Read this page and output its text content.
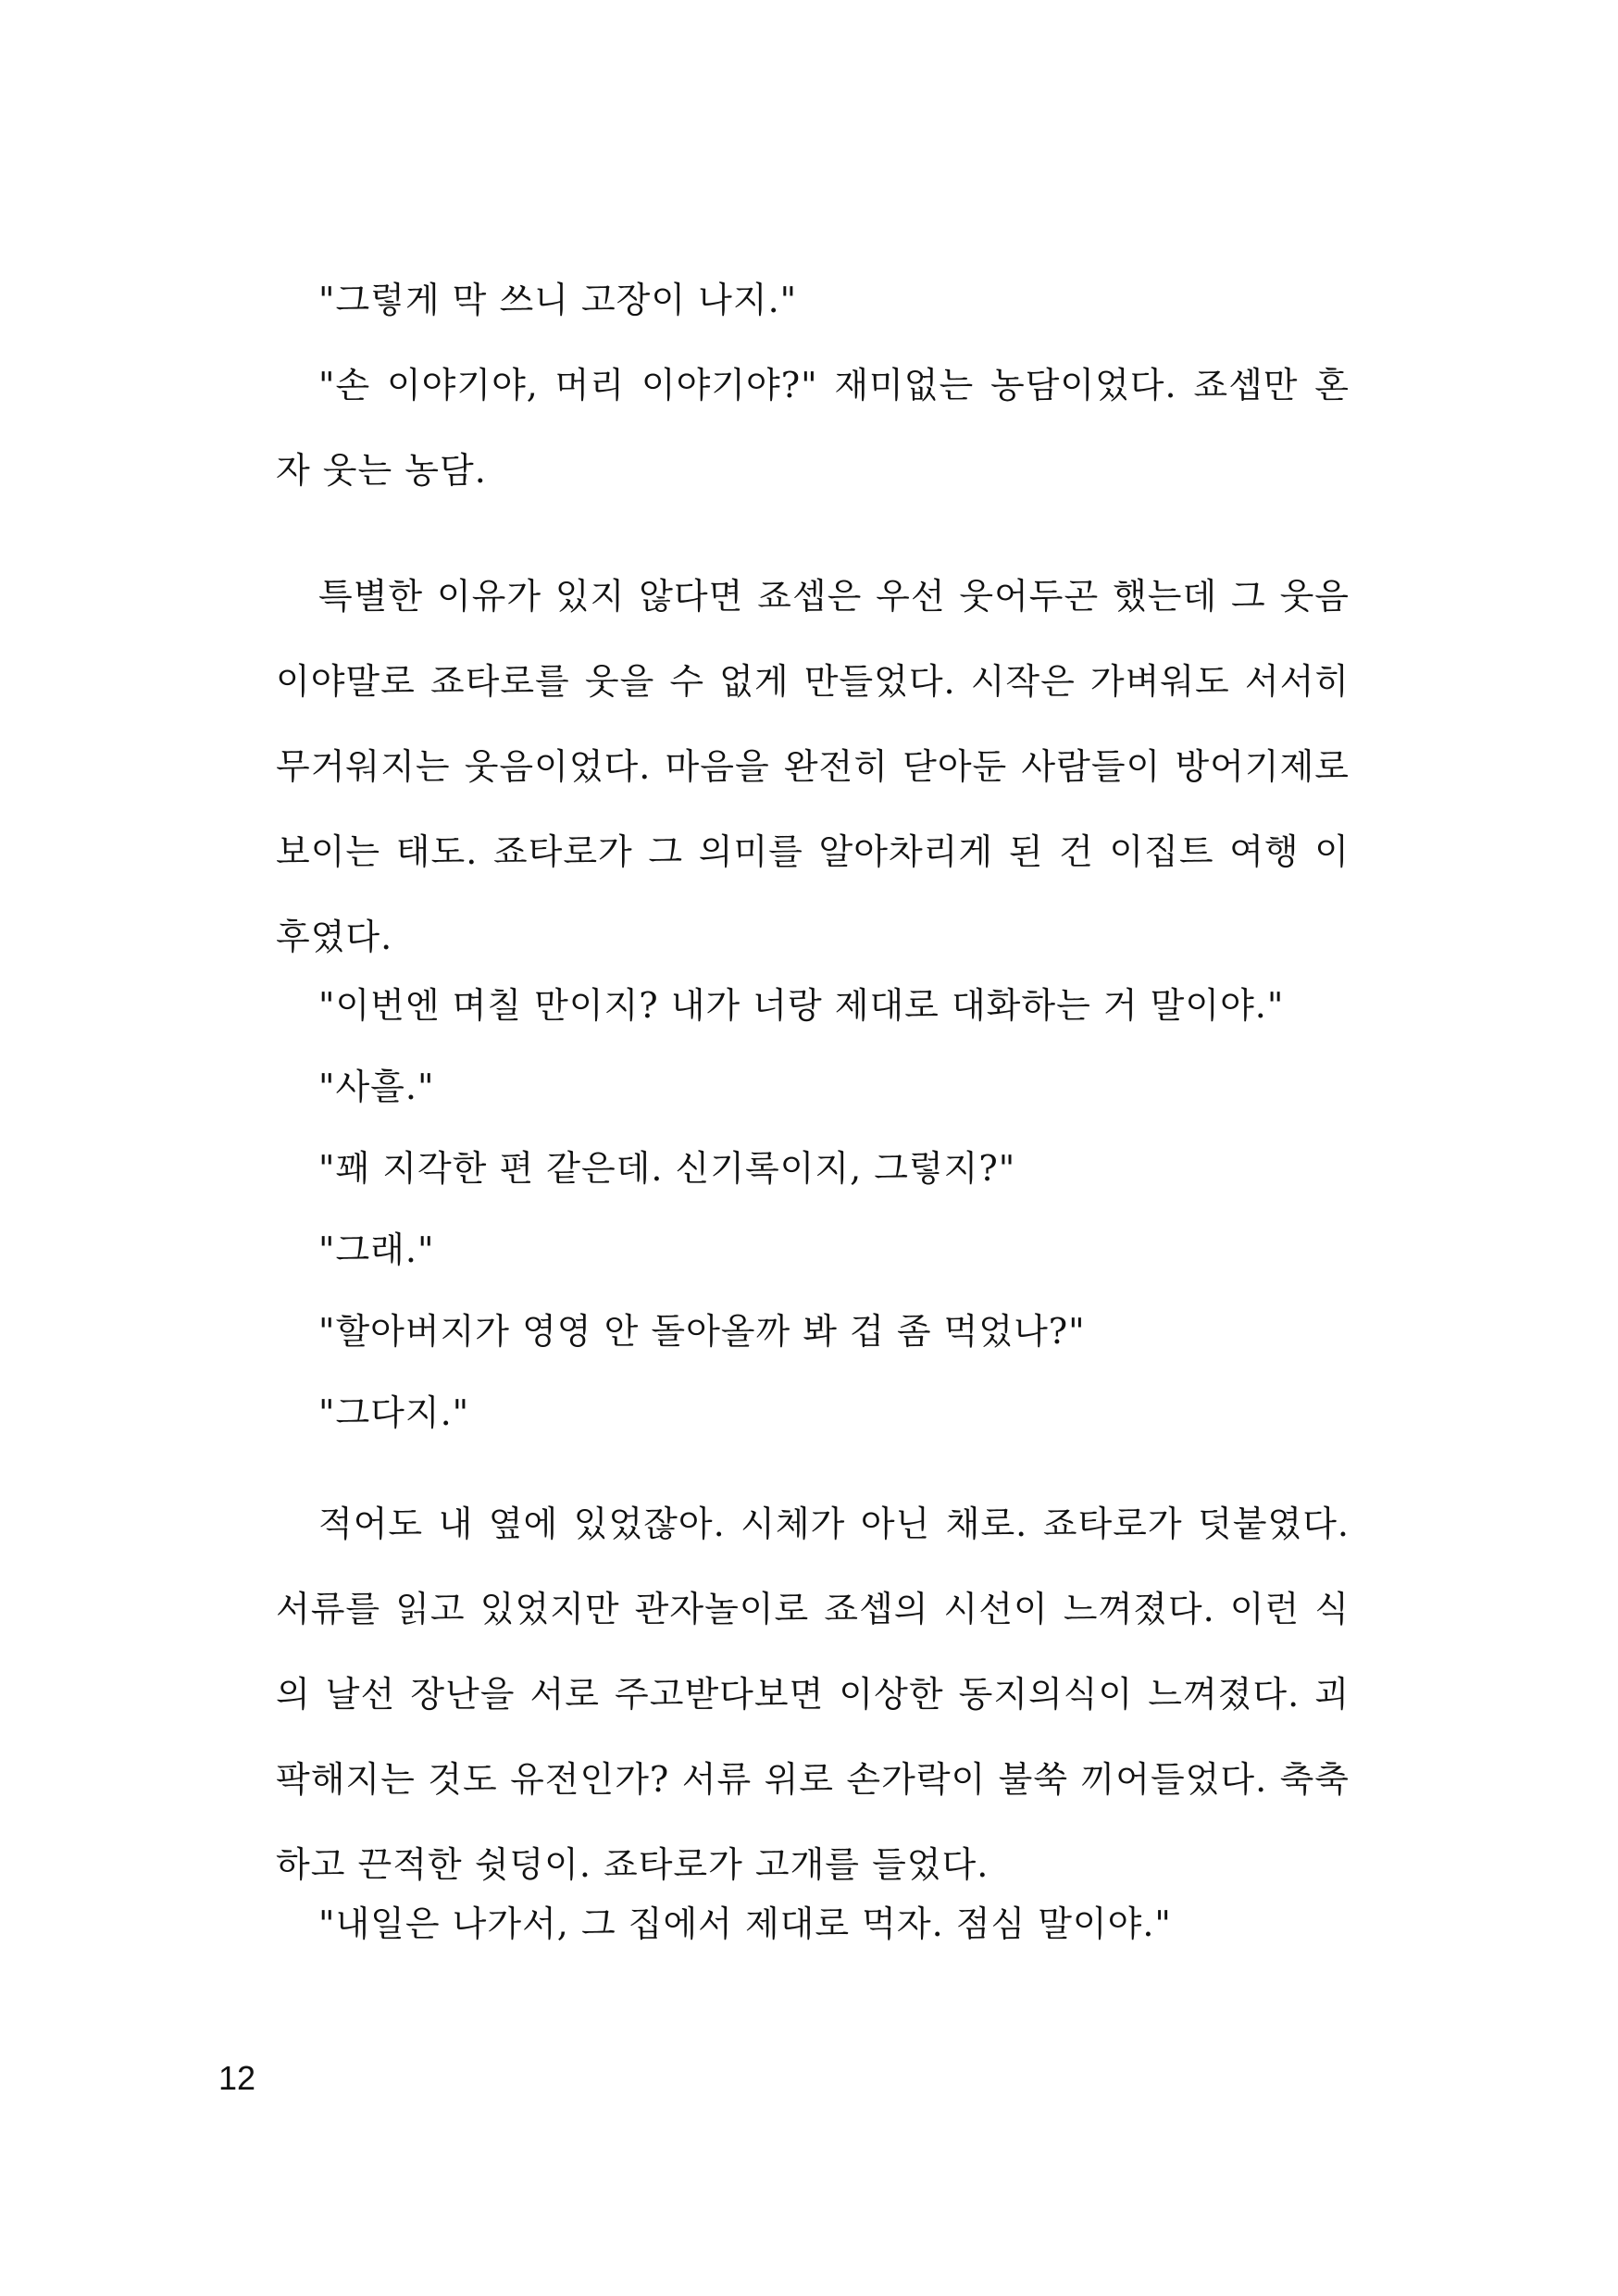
"그렇게 막 쓰니 고장이 나지."

"손 이야기야, 머리 이야기야?" 재미없는 농담이었다. 죠셉만 혼자 웃는 농담.

특별한 이유가 있지 않다면 죠셉은 우선 웃어두곤 했는데 그 웃음이야말로 죠타로를 웃을 수 없게 만들었다. 시작은 가벼워도 서서히 무거워지는 웃음이었다. 마음을 완전히 닫아둔 사람들이 방어기제로 보이는 태도. 죠타로가 그 의미를 알아차리게 된 건 이집트 여행 이후였다.

"이번엔 며칠 만이지? 내가 너랑 제대로 대화하는 거 말이야."

"사흘."

"꽤 지각한 편 같은데. 신기록이지, 그렇지?"

"그래."

"할아버지가 영영 안 돌아올까 봐 겁 좀 먹었나?"

"그다지."

적어도 내 옆에 있었잖아. 시체가 아닌 채로. 죠타로가 덧붙였다. 서류를 읽고 있었지만 관자놀이로 죠셉의 시선이 느껴졌다. 이런 식의 날선 장난을 서로 주고받다보면 이상한 동지의식이 느껴졌다. 괴팍해지는 것도 유전인가? 서류 위로 손가락이 불쑥 끼어들었다. 축축하고 끈적한 쉿덩이. 죠타로가 고개를 들었다.

"내일은 나가서, 그 집에서 제대로 먹자. 점심 말이야."

12
